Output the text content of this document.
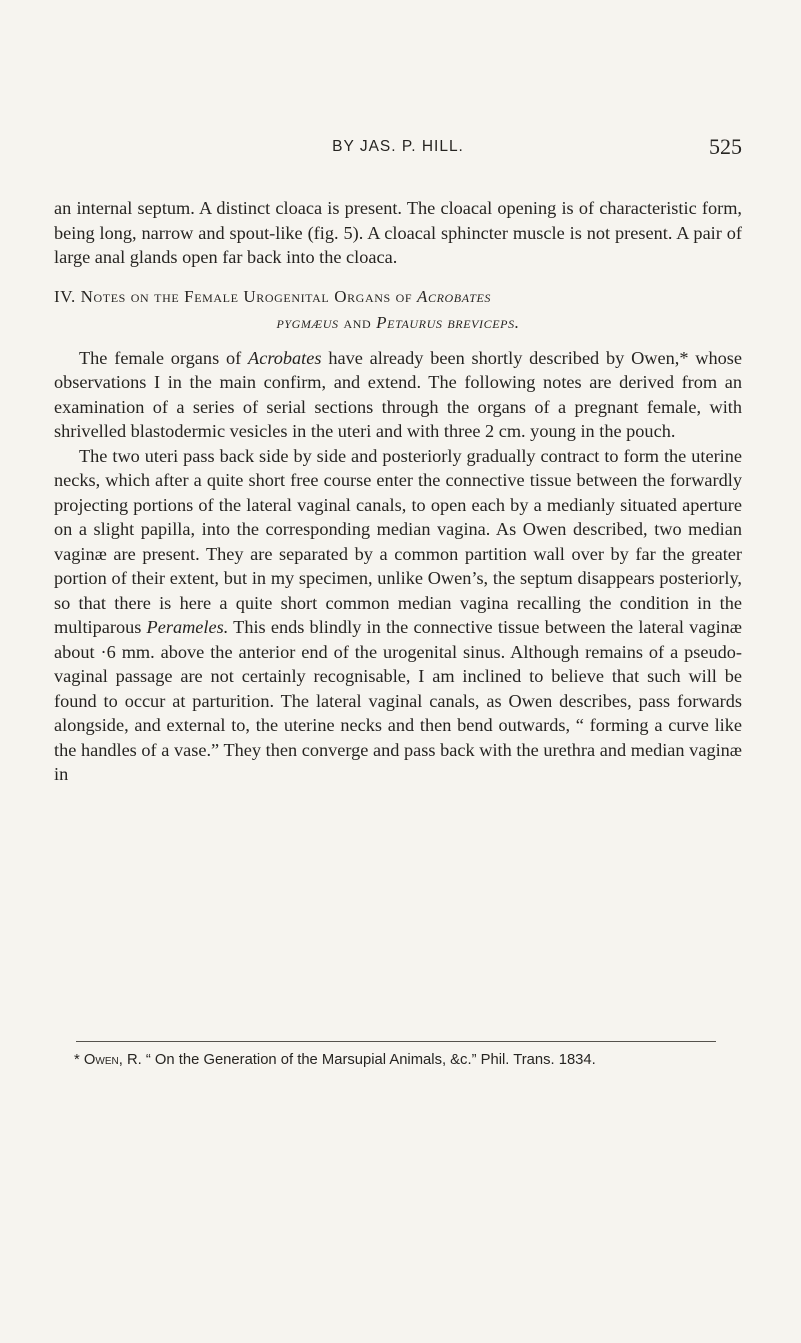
BY JAS. P. HILL.	525

an internal septum. A distinct cloaca is present. The cloacal opening is of characteristic form, being long, narrow and spout-like (fig. 5). A cloacal sphincter muscle is not present. A pair of large anal glands open far back into the cloaca.

IV. Notes on the Female Urogenital Organs of Acrobates
pygmæus and Petaurus breviceps.

The female organs of Acrobates have already been shortly described by Owen,* whose observations I in the main confirm, and extend. The following notes are derived from an examination of a series of serial sections through the organs of a pregnant female, with shrivelled blastodermic vesicles in the uteri and with three 2 cm. young in the pouch.

The two uteri pass back side by side and posteriorly gradually contract to form the uterine necks, which after a quite short free course enter the connective tissue between the forwardly projecting portions of the lateral vaginal canals, to open each by a medianly situated aperture on a slight papilla, into the corresponding median vagina. As Owen described, two median vaginæ are present. They are separated by a common partition wall over by far the greater portion of their extent, but in my specimen, unlike Owen’s, the septum disappears posteriorly, so that there is here a quite short common median vagina recalling the condition in the multiparous Perameles. This ends blindly in the connective tissue between the lateral vaginæ about ·6 mm. above the anterior end of the urogenital sinus. Although remains of a pseudo-vaginal passage are not certainly recognisable, I am inclined to believe that such will be found to occur at parturition. The lateral vaginal canals, as Owen describes, pass forwards alongside, and external to, the uterine necks and then bend outwards, “ forming a curve like the handles of a vase.” They then converge and pass back with the urethra and median vaginæ in

* Owen, R. “ On the Generation of the Marsupial Animals, &c.” Phil. Trans. 1834.
